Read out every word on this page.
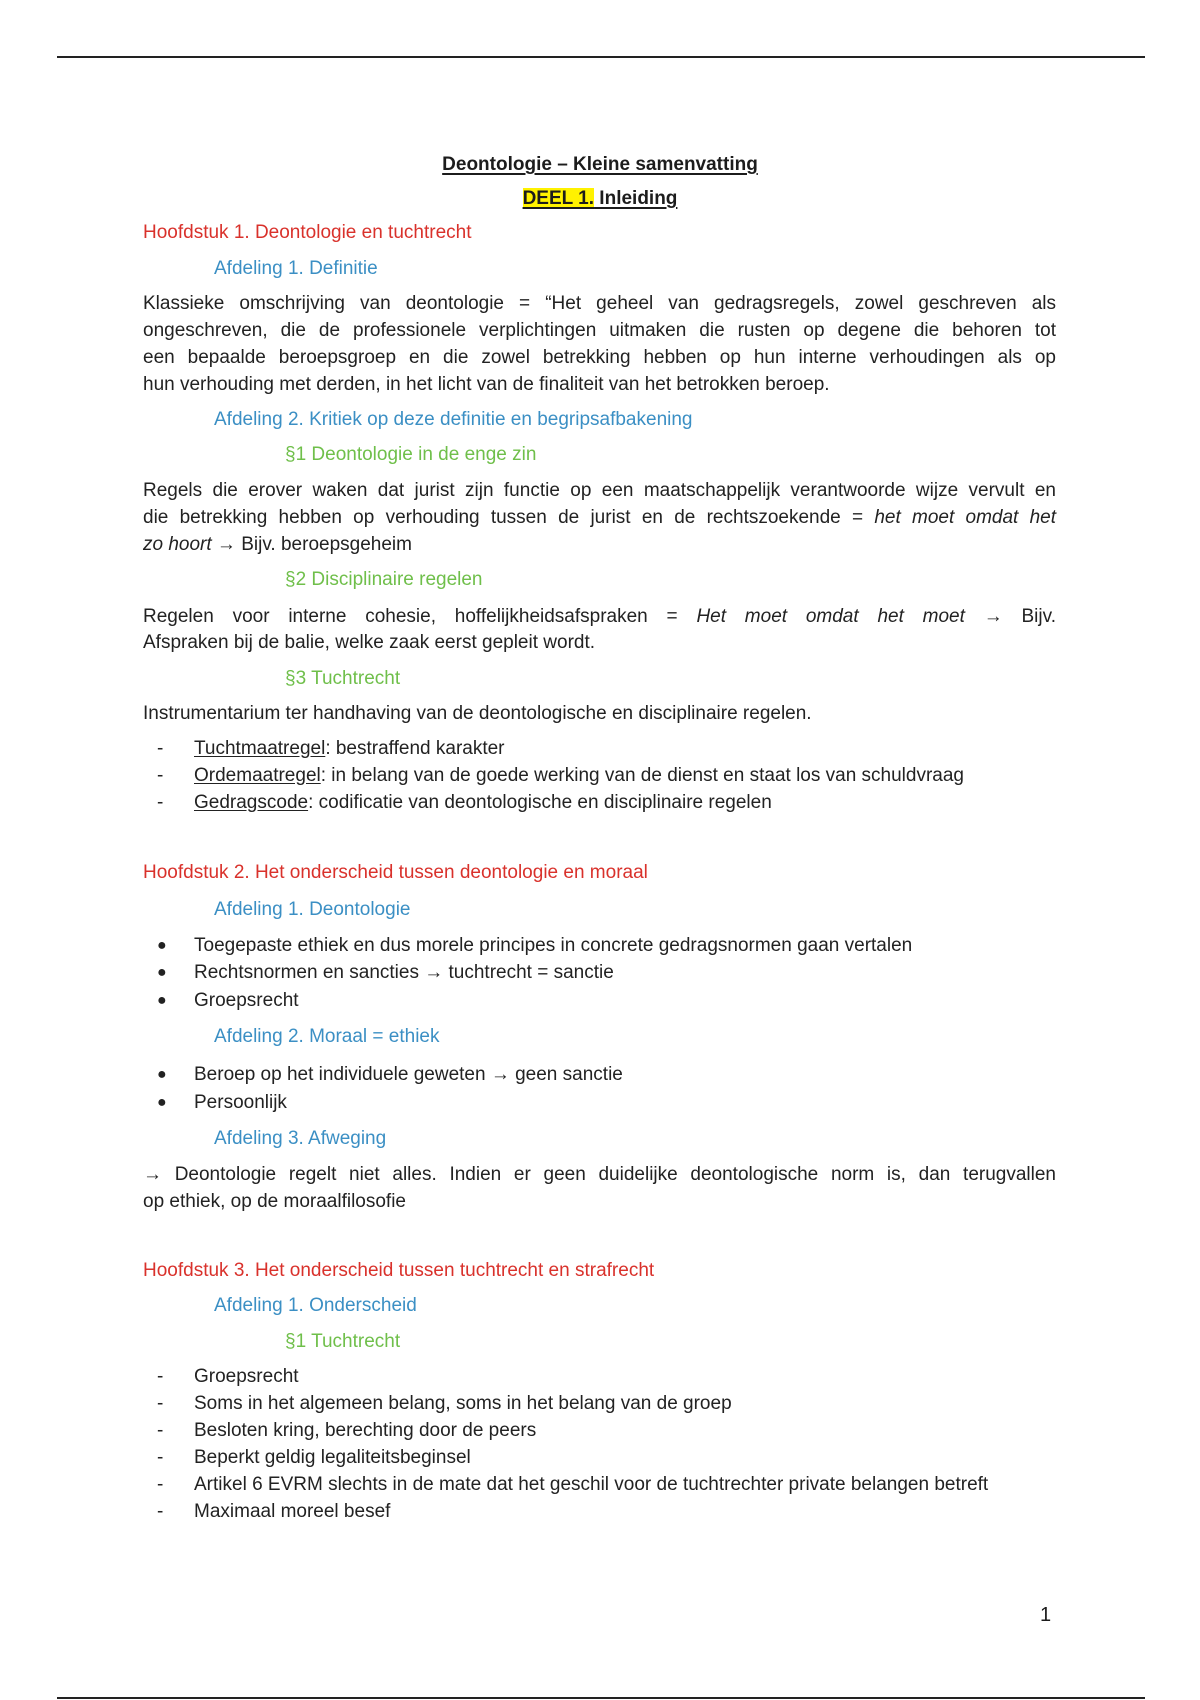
Deontologie – Kleine samenvatting
DEEL 1. Inleiding
Hoofdstuk 1. Deontologie en tuchtrecht
Afdeling 1. Definitie
Klassieke omschrijving van deontologie = “Het geheel van gedragsregels, zowel geschreven als
ongeschreven, die de professionele verplichtingen uitmaken die rusten op degene die behoren tot
een bepaalde beroepsgroep en die zowel betrekking hebben op hun interne verhoudingen als op
hun verhouding met derden, in het licht van de finaliteit van het betrokken beroep.
Afdeling 2. Kritiek op deze definitie en begripsafbakening
§1 Deontologie in de enge zin
Regels die erover waken dat jurist zijn functie op een maatschappelijk verantwoorde wijze vervult en
die betrekking hebben op verhouding tussen de jurist en de rechtszoekende = het moet omdat het
zo hoort → Bijv. beroepsgeheim
§2 Disciplinaire regelen
Regelen voor interne cohesie, hoffelijkheidsafspraken = Het moet omdat het moet → Bijv.
Afspraken bij de balie, welke zaak eerst gepleit wordt.
§3 Tuchtrecht
Instrumentarium ter handhaving van de deontologische en disciplinaire regelen.
- Tuchtmaatregel: bestraffend karakter
- Ordemaatregel: in belang van de goede werking van de dienst en staat los van schuldvraag
- Gedragscode: codificatie van deontologische en disciplinaire regelen
Hoofdstuk 2. Het onderscheid tussen deontologie en moraal
Afdeling 1. Deontologie
● Toegepaste ethiek en dus morele principes in concrete gedragsnormen gaan vertalen
● Rechtsnormen en sancties → tuchtrecht = sanctie
● Groepsrecht
Afdeling 2. Moraal = ethiek
● Beroep op het individuele geweten → geen sanctie
● Persoonlijk
Afdeling 3. Afweging
→ Deontologie regelt niet alles. Indien er geen duidelijke deontologische norm is, dan terugvallen
op ethiek, op de moraalfilosofie
Hoofdstuk 3. Het onderscheid tussen tuchtrecht en strafrecht
Afdeling 1. Onderscheid
§1 Tuchtrecht
- Groepsrecht
- Soms in het algemeen belang, soms in het belang van de groep
- Besloten kring, berechting door de peers
- Beperkt geldig legaliteitsbeginsel
- Artikel 6 EVRM slechts in de mate dat het geschil voor de tuchtrechter private belangen betreft
- Maximaal moreel besef
1
